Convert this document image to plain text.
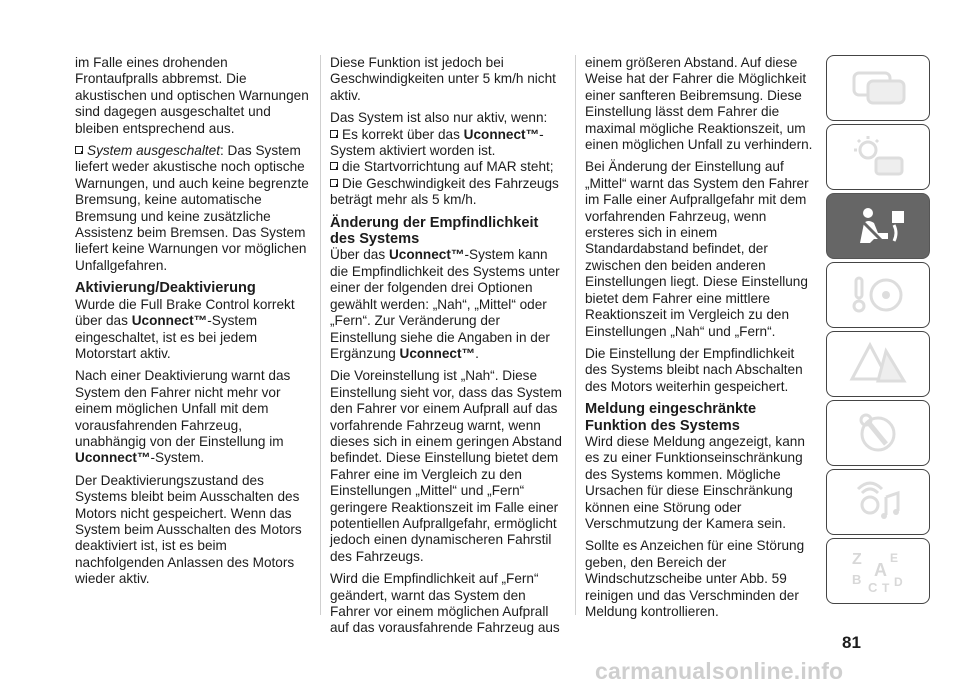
im Falle eines drohenden Frontaufpralls abbremst. Die akustischen und optischen Warnungen sind dagegen ausgeschaltet und bleiben entsprechend aus.

System ausgeschaltet: Das System liefert weder akustische noch optische Warnungen, und auch keine begrenzte Bremsung, keine automatische Bremsung und keine zusätzliche Assistenz beim Bremsen. Das System liefert keine Warnungen vor möglichen Unfallgefahren.

Aktivierung/Deaktivierung

Wurde die Full Brake Control korrekt über das Uconnect™-System eingeschaltet, ist es bei jedem Motorstart aktiv.

Nach einer Deaktivierung warnt das System den Fahrer nicht mehr vor einem möglichen Unfall mit dem vorausfahrenden Fahrzeug, unabhängig von der Einstellung im Uconnect™-System.

Der Deaktivierungszustand des Systems bleibt beim Ausschalten des Motors nicht gespeichert. Wenn das System beim Ausschalten des Motors deaktiviert ist, ist es beim nachfolgenden Anlassen des Motors wieder aktiv.

Diese Funktion ist jedoch bei Geschwindigkeiten unter 5 km/h nicht aktiv.

Das System ist also nur aktiv, wenn:

Es korrekt über das Uconnect™-System aktiviert worden ist.

die Startvorrichtung auf MAR steht;

Die Geschwindigkeit des Fahrzeugs beträgt mehr als 5 km/h.

Änderung der Empfindlichkeit des Systems

Über das Uconnect™-System kann die Empfindlichkeit des Systems unter einer der folgenden drei Optionen gewählt werden: „Nah“, „Mittel“ oder „Fern“. Zur Veränderung der Einstellung siehe die Angaben in der Ergänzung Uconnect™.

Die Voreinstellung ist „Nah“. Diese Einstellung sieht vor, dass das System den Fahrer vor einem Aufprall auf das vorfahrende Fahrzeug warnt, wenn dieses sich in einem geringen Abstand befindet. Diese Einstellung bietet dem Fahrer eine im Vergleich zu den Einstellungen „Mittel“ und „Fern“ geringere Reaktionszeit im Falle einer potentiellen Aufprallgefahr, ermöglicht jedoch einen dynamischeren Fahrstil des Fahrzeugs.

Wird die Empfindlichkeit auf „Fern“ geändert, warnt das System den Fahrer vor einem möglichen Aufprall auf das vorausfahrende Fahrzeug aus

einem größeren Abstand. Auf diese Weise hat der Fahrer die Möglichkeit einer sanfteren Beibremsung. Diese Einstellung lässt dem Fahrer die maximal mögliche Reaktionszeit, um einen möglichen Unfall zu verhindern.

Bei Änderung der Einstellung auf „Mittel“ warnt das System den Fahrer im Falle einer Aufprallgefahr mit dem vorfahrenden Fahrzeug, wenn ersteres sich in einem Standardabstand befindet, der zwischen den beiden anderen Einstellungen liegt. Diese Einstellung bietet dem Fahrer eine mittlere Reaktionszeit im Vergleich zu den Einstellungen „Nah“ und „Fern“.

Die Einstellung der Empfindlichkeit des Systems bleibt nach Abschalten des Motors weiterhin gespeichert.

Meldung eingeschränkte Funktion des Systems

Wird diese Meldung angezeigt, kann es zu einer Funktionseinschränkung des Systems kommen. Mögliche Ursachen für diese Einschränkung können eine Störung oder Verschmutzung der Kamera sein.

Sollte es Anzeichen für eine Störung geben, den Bereich der Windschutzscheibe unter Abb. 59 reinigen und das Verschminden der Meldung kontrollieren.

Z E
A
B
C D
T
81
carmanualsonline.info
